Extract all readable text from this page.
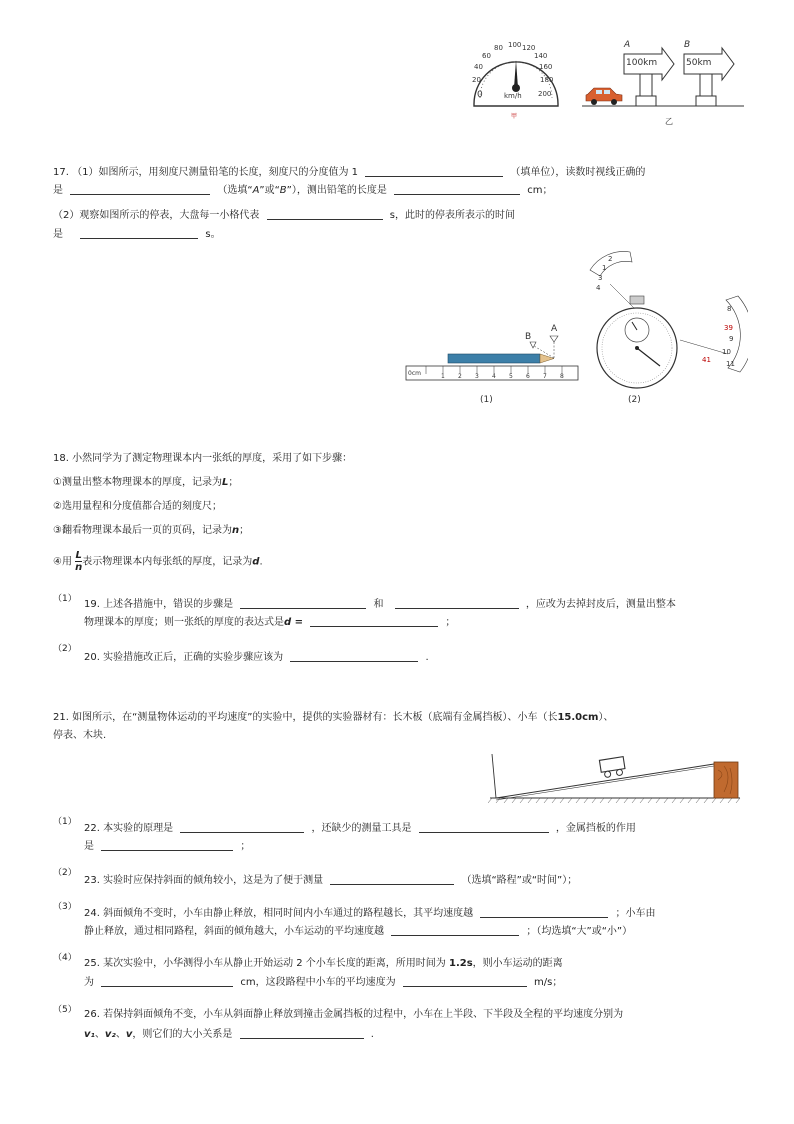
甲
0
20
40
60
80 100 120
140
160
180
200
km/h
乙
A
100km
B
50km
17. （1）如图所示，用刻度尺测量铅笔的长度，刻度尺的分度值为 1	（填单位），读数时视线正确的
是	（选填“A”或“B”），测出铅笔的长度是	cm；
（2）观察如图所示的停表，大盘每一小格代表	s，此时的停表所表示的时间
是	s。
B
A
0cm	1 2 3 4 5 6 7 8
(1)
1
2
3
4
8
39
9
10
11
41
(2)
18. 小然同学为了测定物理课本内一张纸的厚度，采用了如下步骤：
①测量出整本物理课本的厚度，记录为L；
②选用量程和分度值都合适的刻度尺；
③翻看物理课本最后一页的页码，记录为n；
④用 $\frac{L}{n}$ 表示物理课本内每张纸的厚度，记录为d.
（1） 19. 上述各措施中，错误的步骤是	和	，应改为去掉封皮后，测量出整本
物理课本的厚度；则一张纸的厚度的表达式是d =	；
（2）
20. 实验措施改正后，正确的实验步骤应该为	.
21. 如图所示，在“测量物体运动的平均速度”的实验中，提供的实验器材有：长木板（底端有金属挡板）、小车（长15.0cm）、
停表、木块.
（1）
22. 本实验的原理是	，还缺少的测量工具是	，金属挡板的作用
是	；
（2）
23. 实验时应保持斜面的倾角较小，这是为了便于测量	（选填“路程”或“时间”）；
（3）
24. 斜面倾角不变时，小车由静止释放，相同时间内小车通过的路程越长，其平均速度越	；小车由
静止释放，通过相同路程，斜面的倾角越大，小车运动的平均速度越	；（均选填“大”或“小”）
（4） 25. 某次实验中，小华测得小车从静止开始运动 2 个小车长度的距离，所用时间为 1.2s，则小车运动的距离
为	cm，这段路程中小车的平均速度为	m/s；
（5） 26. 若保持斜面倾角不变，小车从斜面静止释放到撞击金属挡板的过程中，小车在上半段、下半段及全程的平均速度分别为
v₁、v₂、v，则它们的大小关系是	.
